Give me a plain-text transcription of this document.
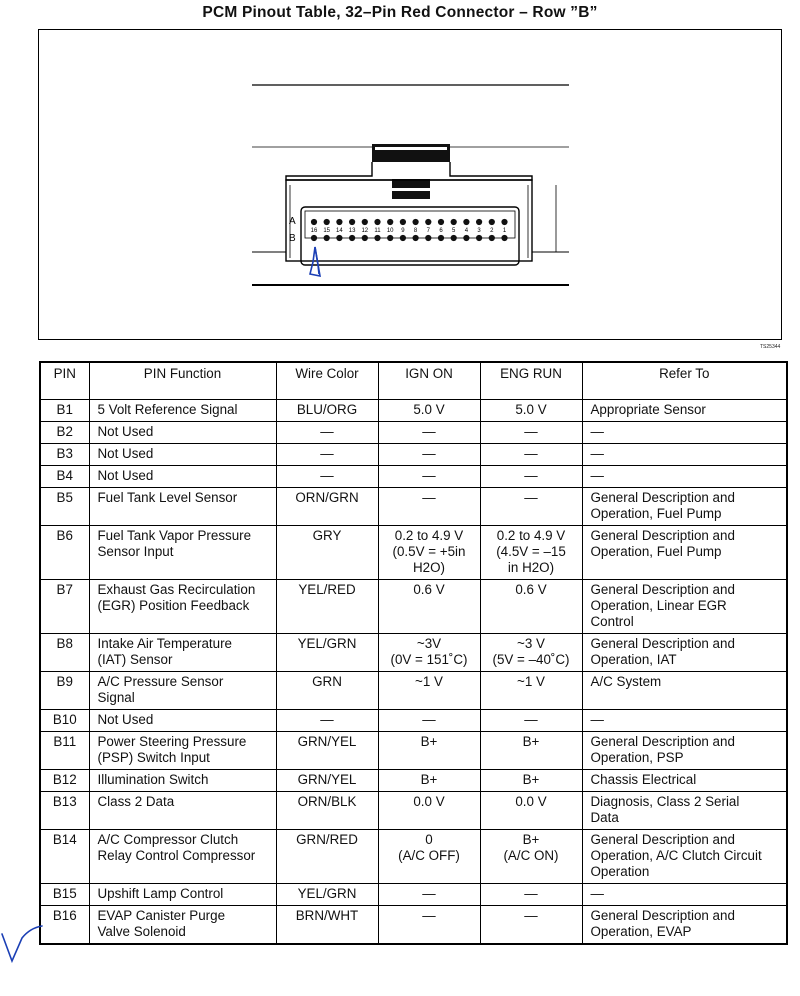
PCM Pinout Table, 32–Pin Red Connector – Row ”B”
A
B
16 15 14 13 12 11 10 9 8 7 6 5 4 3 2 1
TS25344
PIN	PIN Function	Wire Color	IGN ON	ENG RUN	Refer To
B1	5 Volt Reference Signal	BLU/ORG	5.0 V	5.0 V	Appropriate Sensor
B2	Not Used	—	—	—	—
B3	Not Used	—	—	—	—
B4	Not Used	—	—	—	—
B5	Fuel Tank Level Sensor	ORN/GRN	—	—	General Description and
Operation, Fuel Pump
B6	Fuel Tank Vapor Pressure
Sensor Input	GRY	0.2 to 4.9 V
(0.5V = +5in
H2O)	0.2 to 4.9 V
(4.5V = –15
in H2O)	General Description and
Operation, Fuel Pump
B7	Exhaust Gas Recirculation
(EGR) Position Feedback	YEL/RED	0.6 V	0.6 V	General Description and
Operation, Linear EGR
Control
B8	Intake Air Temperature
(IAT) Sensor	YEL/GRN	~3V
(0V = 151˚C)	~3 V
(5V = –40˚C)	General Description and
Operation, IAT
B9	A/C Pressure Sensor
Signal	GRN	~1 V	~1 V	A/C System
B10	Not Used	—	—	—	—
B11	Power Steering Pressure
(PSP) Switch Input	GRN/YEL	B+	B+	General Description and
Operation, PSP
B12	Illumination Switch	GRN/YEL	B+	B+	Chassis Electrical
B13	Class 2 Data	ORN/BLK	0.0 V	0.0 V	Diagnosis, Class 2 Serial
Data
B14	A/C Compressor Clutch
Relay Control Compressor	GRN/RED	0
(A/C OFF)	B+
(A/C ON)	General Description and
Operation, A/C Clutch Circuit
Operation
B15	Upshift Lamp Control	YEL/GRN	—	—	—
B16	EVAP Canister Purge
Valve Solenoid	BRN/WHT	—	—	General Description and
Operation, EVAP
